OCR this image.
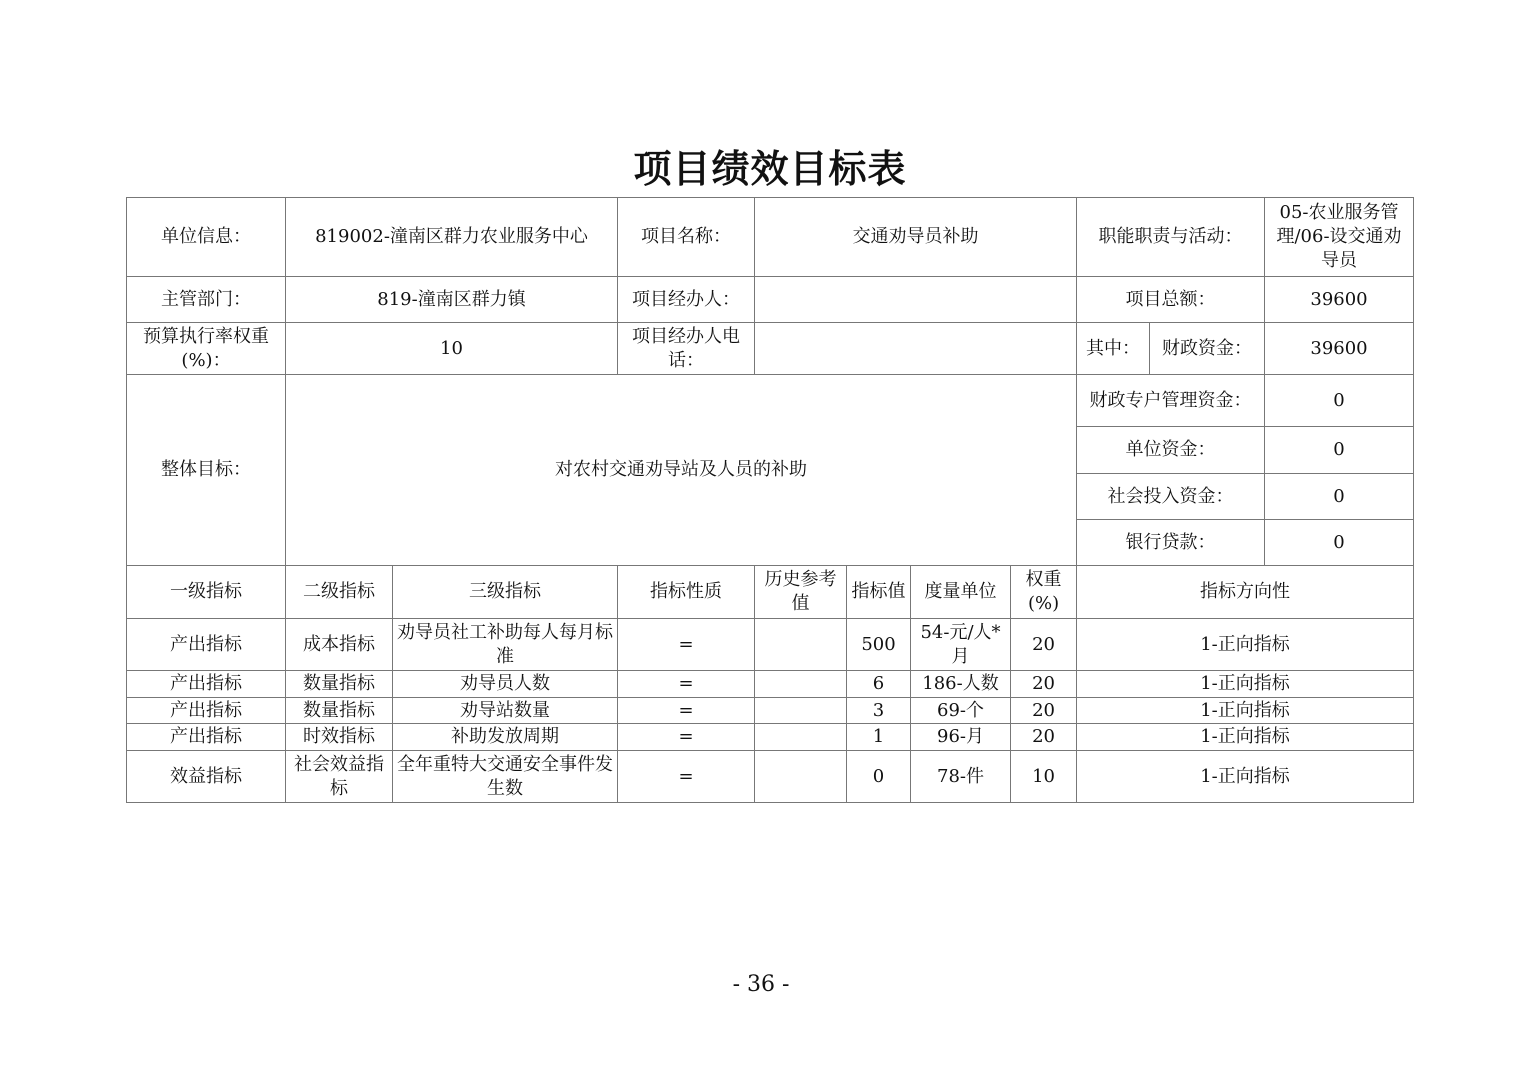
项目绩效目标表
单位信息：	819002-潼南区群力农业服务中心		项目名称：	交通劝导员补助				职能职责与活动：		05-农业服务管理/06-设交通劝导员
主管部门：	819-潼南区群力镇		项目经办人：					项目总额：		39600
预算执行率权重(%)：	10		项目经办人电话：					其中：	财政资金：	39600
整体目标：	对农村交通劝导站及人员的补助							财政专户管理资金：		0
								单位资金：		0
								社会投入资金：		0
								银行贷款：		0
一级指标	二级指标	三级指标	指标性质	历史参考值	指标值	度量单位	权重(%)	指标方向性		
产出指标	成本指标	劝导员社工补助每人每月标准	=		500	54-元/人*月	20	1-正向指标		
产出指标	数量指标	劝导员人数	=		6	186-人数	20	1-正向指标		
产出指标	数量指标	劝导站数量	=		3	69-个	20	1-正向指标		
产出指标	时效指标	补助发放周期	=		1	96-月	20	1-正向指标		
效益指标	社会效益指标	全年重特大交通安全事件发生数	=		0	78-件	10	1-正向指标		
- 36 -
